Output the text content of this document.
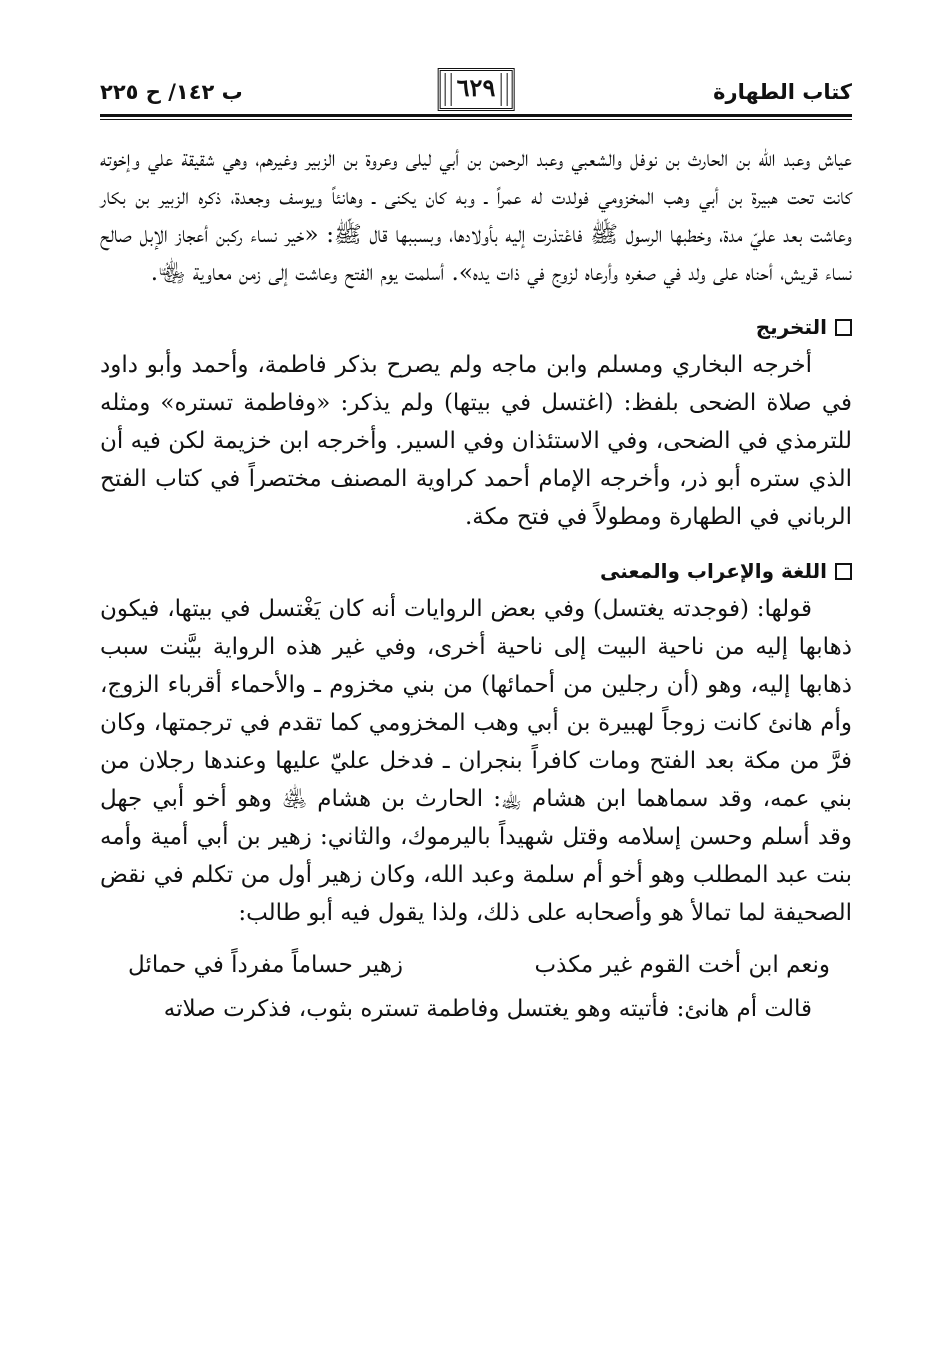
كتاب الطهارة
٦٢٩
ب ١٤٢/ ح ٢٢٥

عياش وعبد الله بن الحارث بن نوفل والشعبي وعبد الرحمن بن أبي ليلى وعروة بن الزبير وغيرهم، وهي شقيقة علي وإخوته كانت تحت هبيرة بن أبي وهب المخزومي فولدت له عمراً ـ وبه كان يكنى ـ وهانئاً ويوسف وجعدة، ذكره الزبير بن بكار وعاشت بعد عليّ مدة، وخطبها الرسول ﷺ فاعْتذرت إليه بأولادها، وبسببها قال ﷺ: «خير نساء ركبن أعجاز الإبل صالح نساء قريش، أحناه على ولد في صغره وأرعاه لزوج في ذات يده». أسلمت يوم الفتح وعاشت إلى زمن معاوية ﵄.

التخريج

أخرجه البخاري ومسلم وابن ماجه ولم يصرح بذكر فاطمة، وأحمد وأبو داود في صلاة الضحى بلفظ: (اغتسل في بيتها) ولم يذكر: «وفاطمة تستره» ومثله للترمذي في الضحى، وفي الاستئذان وفي السير. وأخرجه ابن خزيمة لكن فيه أن الذي ستره أبو ذر، وأخرجه الإمام أحمد كراوية المصنف مختصراً في كتاب الفتح الرباني في الطهارة ومطولاً في فتح مكة.

اللغة والإعراب والمعنى

قولها: (فوجدته يغتسل) وفي بعض الروايات أنه كان يَغْتسل في بيتها، فيكون ذهابها إليه من ناحية البيت إلى ناحية أخرى، وفي غير هذه الرواية بيَّنت سبب ذهابها إليه، وهو (أن رجلين من أحمائها) من بني مخزوم ـ والأحماء أقرباء الزوج، وأم هانئ كانت زوجاً لهبيرة بن أبي وهب المخزومي كما تقدم في ترجمتها، وكان فرَّ من مكة بعد الفتح ومات كافراً بنجران ـ فدخل عليّ عليها وعندها رجلان من بني عمه، وقد سماهما ابن هشام ﵀: الحارث بن هشام ﵁ وهو أخو أبي جهل وقد أسلم وحسن إسلامه وقتل شهيداً باليرموك، والثاني: زهير بن أبي أمية وأمه بنت عبد المطلب وهو أخو أم سلمة وعبد الله، وكان زهير أول من تكلم في نقض الصحيفة لما تمالأ هو وأصحابه على ذلك، ولذا يقول فيه أبو طالب:

ونعم ابن أخت القوم غير مكذب
زهير حساماً مفرداً في حمائل

قالت أم هانئ: فأتيته وهو يغتسل وفاطمة تستره بثوب، فذكرت صلاته
